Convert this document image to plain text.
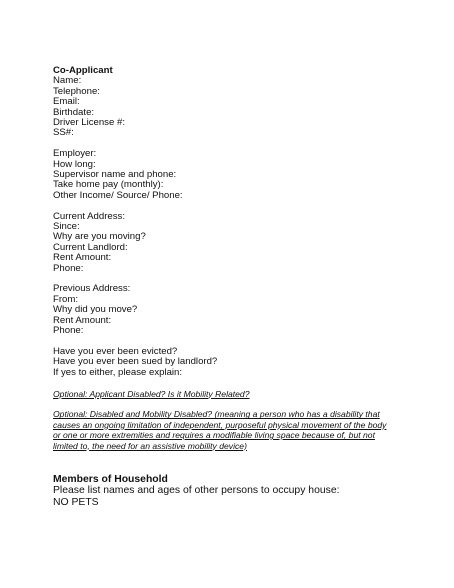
Co-Applicant
Name:
Telephone:
Email:
Birthdate:
Driver License #:
SS#:
Employer:
How long:
Supervisor name and phone:
Take home pay (monthly):
Other Income/ Source/ Phone:
Current Address:
Since:
Why are you moving?
Current Landlord:
Rent Amount:
Phone:
Previous Address:
From:
Why did you move?
Rent Amount:
Phone:
Have you ever been evicted?
Have you ever been sued by landlord?
If yes to either, please explain:
Optional: Applicant Disabled? Is it Mobility Related?
Optional: Disabled and Mobility Disabled? (meaning a person who has a disability that
causes an ongoing limitation of independent, purposeful physical movement of the body
or one or more extremities and requires a modifiable living space because of, but not
limited to, the need for an assistive mobility device)
Members of Household
Please list names and ages of other persons to occupy house:
NO PETS
